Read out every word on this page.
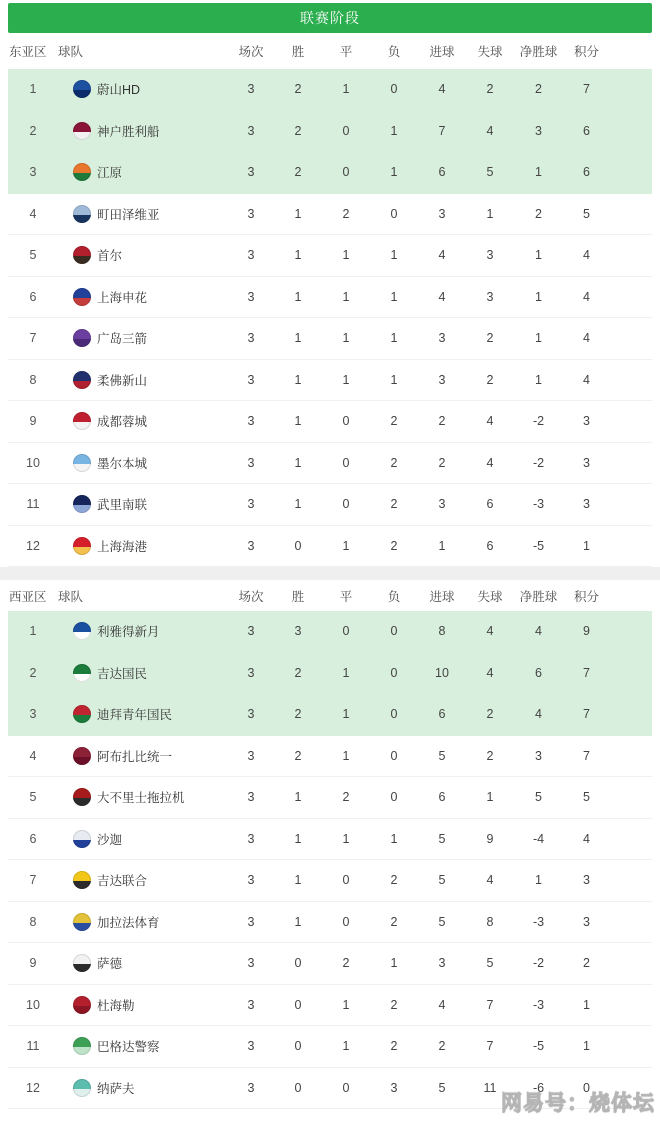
联赛阶段
东亚区 球队	场次	胜	平	负	进球	失球	净胜球	积分
1	蔚山HD	3	2	1	0	4	2	2	7
2	神户胜利船	3	2	0	1	7	4	3	6
3	江原	3	2	0	1	6	5	1	6
4	町田泽维亚	3	1	2	0	3	1	2	5
5	首尔	3	1	1	1	4	3	1	4
6	上海申花	3	1	1	1	4	3	1	4
7	广岛三箭	3	1	1	1	3	2	1	4
8	柔佛新山	3	1	1	1	3	2	1	4
9	成都蓉城	3	1	0	2	2	4	-2	3
10	墨尔本城	3	1	0	2	2	4	-2	3
11	武里南联	3	1	0	2	3	6	-3	3
12	上海海港	3	0	1	2	1	6	-5	1
西亚区 球队	场次	胜	平	负	进球	失球	净胜球	积分
1	利雅得新月	3	3	0	0	8	4	4	9
2	吉达国民	3	2	1	0	10	4	6	7
3	迪拜青年国民	3	2	1	0	6	2	4	7
4	阿布扎比统一	3	2	1	0	5	2	3	7
5	大不里士拖拉机	3	1	2	0	6	1	5	5
6	沙迦	3	1	1	1	5	9	-4	4
7	吉达联合	3	1	0	2	5	4	1	3
8	加拉法体育	3	1	0	2	5	8	-3	3
9	萨德	3	0	2	1	3	5	-2	2
10	杜海勒	3	0	1	2	4	7	-3	1
11	巴格达警察	3	0	1	2	2	7	-5	1
12	纳萨夫	3	0	0	3	5	11	-6	0
网易号：烧体坛
